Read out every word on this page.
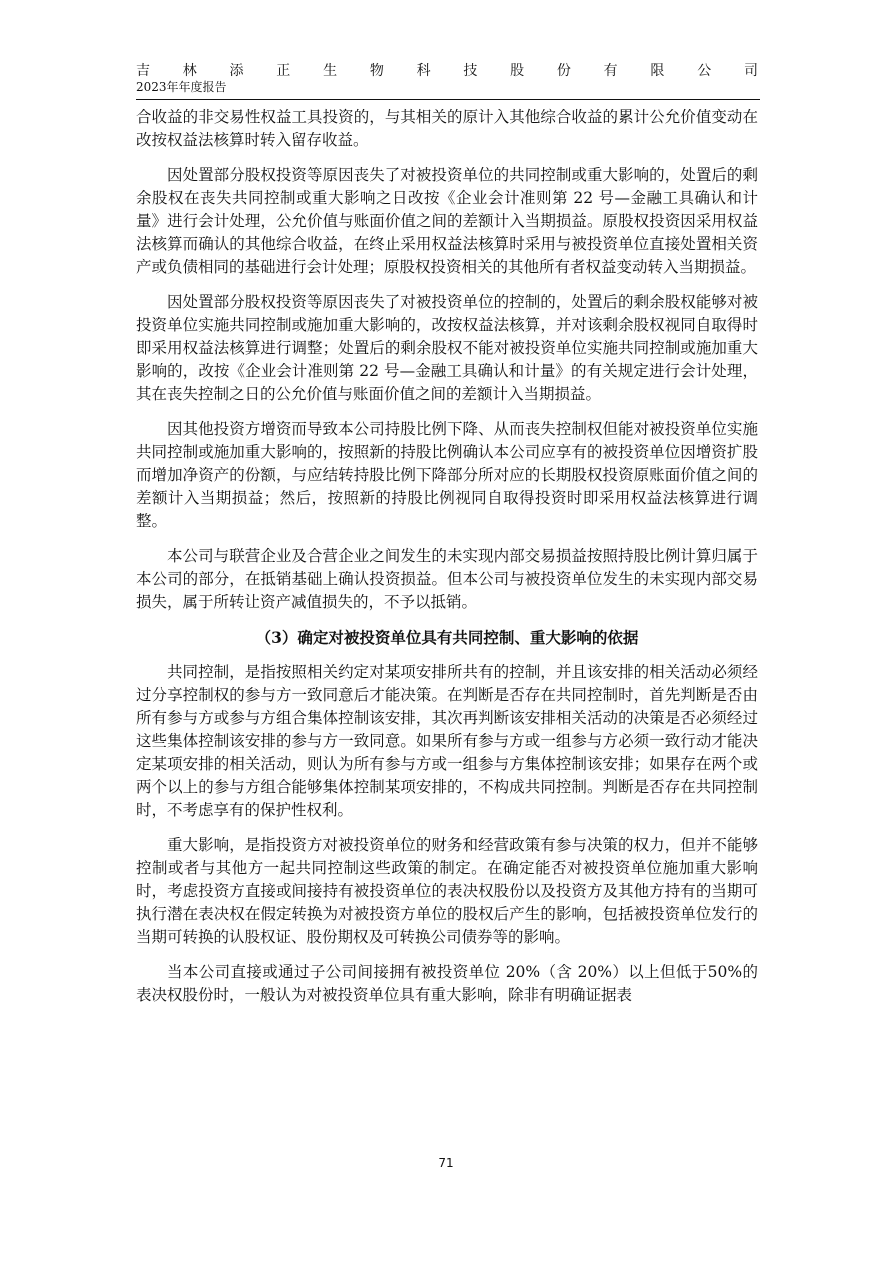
吉 林 添 正 生 物 科 技 股 份 有 限 公 司
2023年年度报告

合收益的非交易性权益工具投资的，与其相关的原计入其他综合收益的累计公允价值变动在改按权益法核算时转入留存收益。

因处置部分股权投资等原因丧失了对被投资单位的共同控制或重大影响的，处置后的剩余股权在丧失共同控制或重大影响之日改按《企业会计准则第 22 号—金融工具确认和计量》进行会计处理，公允价值与账面价值之间的差额计入当期损益。原股权投资因采用权益法核算而确认的其他综合收益，在终止采用权益法核算时采用与被投资单位直接处置相关资产或负债相同的基础进行会计处理；原股权投资相关的其他所有者权益变动转入当期损益。

因处置部分股权投资等原因丧失了对被投资单位的控制的，处置后的剩余股权能够对被投资单位实施共同控制或施加重大影响的，改按权益法核算，并对该剩余股权视同自取得时即采用权益法核算进行调整；处置后的剩余股权不能对被投资单位实施共同控制或施加重大影响的，改按《企业会计准则第 22 号—金融工具确认和计量》的有关规定进行会计处理，其在丧失控制之日的公允价值与账面价值之间的差额计入当期损益。

因其他投资方增资而导致本公司持股比例下降、从而丧失控制权但能对被投资单位实施共同控制或施加重大影响的，按照新的持股比例确认本公司应享有的被投资单位因增资扩股而增加净资产的份额，与应结转持股比例下降部分所对应的长期股权投资原账面价值之间的差额计入当期损益；然后，按照新的持股比例视同自取得投资时即采用权益法核算进行调整。

本公司与联营企业及合营企业之间发生的未实现内部交易损益按照持股比例计算归属于本公司的部分，在抵销基础上确认投资损益。但本公司与被投资单位发生的未实现内部交易损失，属于所转让资产减值损失的，不予以抵销。

（3）确定对被投资单位具有共同控制、重大影响的依据

共同控制，是指按照相关约定对某项安排所共有的控制，并且该安排的相关活动必须经过分享控制权的参与方一致同意后才能决策。在判断是否存在共同控制时，首先判断是否由所有参与方或参与方组合集体控制该安排，其次再判断该安排相关活动的决策是否必须经过这些集体控制该安排的参与方一致同意。如果所有参与方或一组参与方必须一致行动才能决定某项安排的相关活动，则认为所有参与方或一组参与方集体控制该安排；如果存在两个或两个以上的参与方组合能够集体控制某项安排的，不构成共同控制。判断是否存在共同控制时，不考虑享有的保护性权利。

重大影响，是指投资方对被投资单位的财务和经营政策有参与决策的权力，但并不能够控制或者与其他方一起共同控制这些政策的制定。在确定能否对被投资单位施加重大影响时，考虑投资方直接或间接持有被投资单位的表决权股份以及投资方及其他方持有的当期可执行潜在表决权在假定转换为对被投资方单位的股权后产生的影响，包括被投资单位发行的当期可转换的认股权证、股份期权及可转换公司债券等的影响。

当本公司直接或通过子公司间接拥有被投资单位 20%（含 20%）以上但低于50%的表决权股份时，一般认为对被投资单位具有重大影响，除非有明确证据表

71
